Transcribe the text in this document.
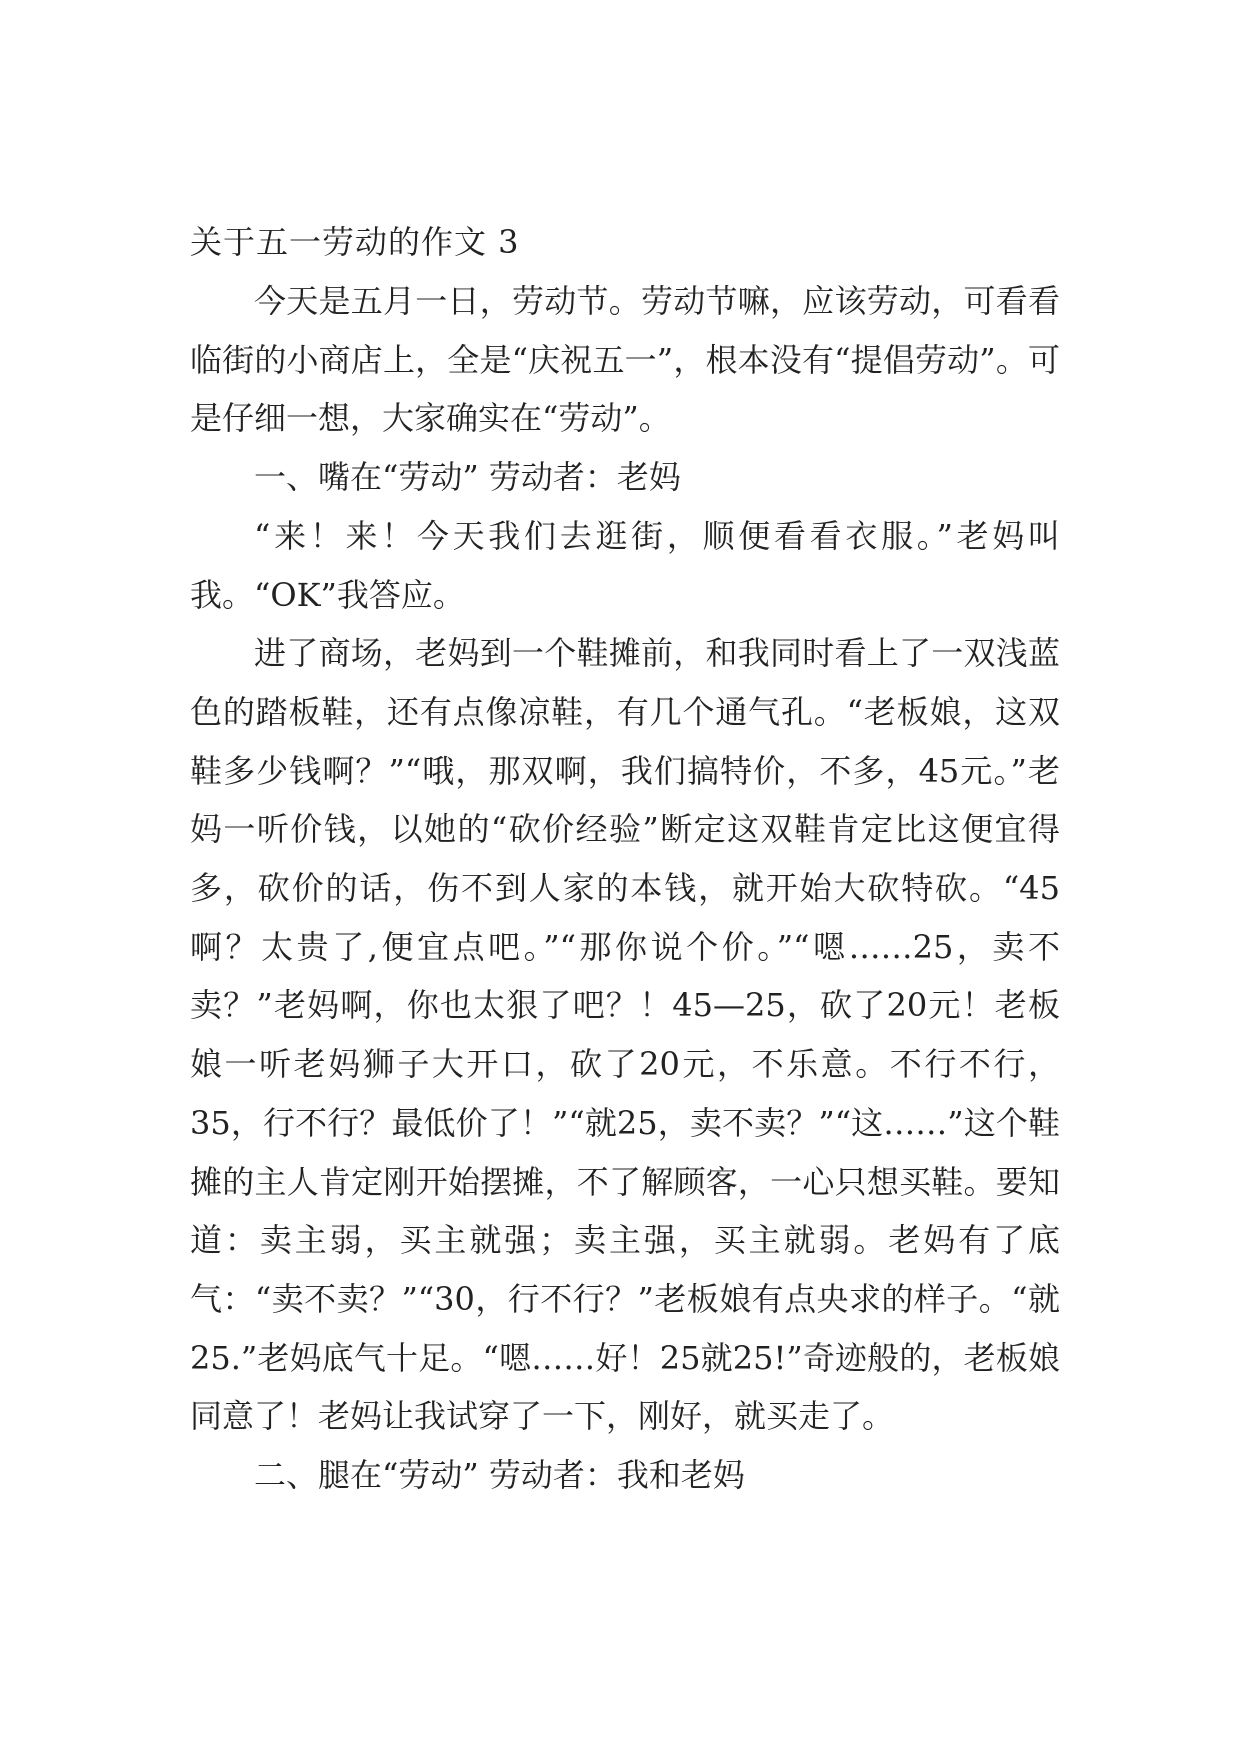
关于五一劳动的作文 3

今天是五月一日，劳动节。劳动节嘛，应该劳动，可看看临街的小商店上，全是“庆祝五一”，根本没有“提倡劳动”。可是仔细一想，大家确实在“劳动”。

一、嘴在“劳动” 劳动者：老妈

“来！来！今天我们去逛街，顺便看看衣服。”老妈叫我。“OK”我答应。

进了商场，老妈到一个鞋摊前，和我同时看上了一双浅蓝色的踏板鞋，还有点像凉鞋，有几个通气孔。“老板娘，这双鞋多少钱啊？”“哦，那双啊，我们搞特价，不多，45元。”老妈一听价钱，以她的“砍价经验”断定这双鞋肯定比这便宜得多，砍价的话，伤不到人家的本钱，就开始大砍特砍。“45啊？太贵了,便宜点吧。”“那你说个价。”“嗯……25，卖不卖？”老妈啊，你也太狠了吧？！45—25，砍了20元！老板娘一听老妈狮子大开口，砍了20元，不乐意。不行不行，35，行不行？最低价了！”“就25，卖不卖？”“这……”这个鞋摊的主人肯定刚开始摆摊，不了解顾客，一心只想买鞋。要知道：卖主弱，买主就强；卖主强，买主就弱。老妈有了底气：“卖不卖？”“30，行不行？”老板娘有点央求的样子。“就25.”老妈底气十足。“嗯……好！25就25!”奇迹般的，老板娘同意了！老妈让我试穿了一下，刚好，就买走了。

二、腿在“劳动” 劳动者：我和老妈
